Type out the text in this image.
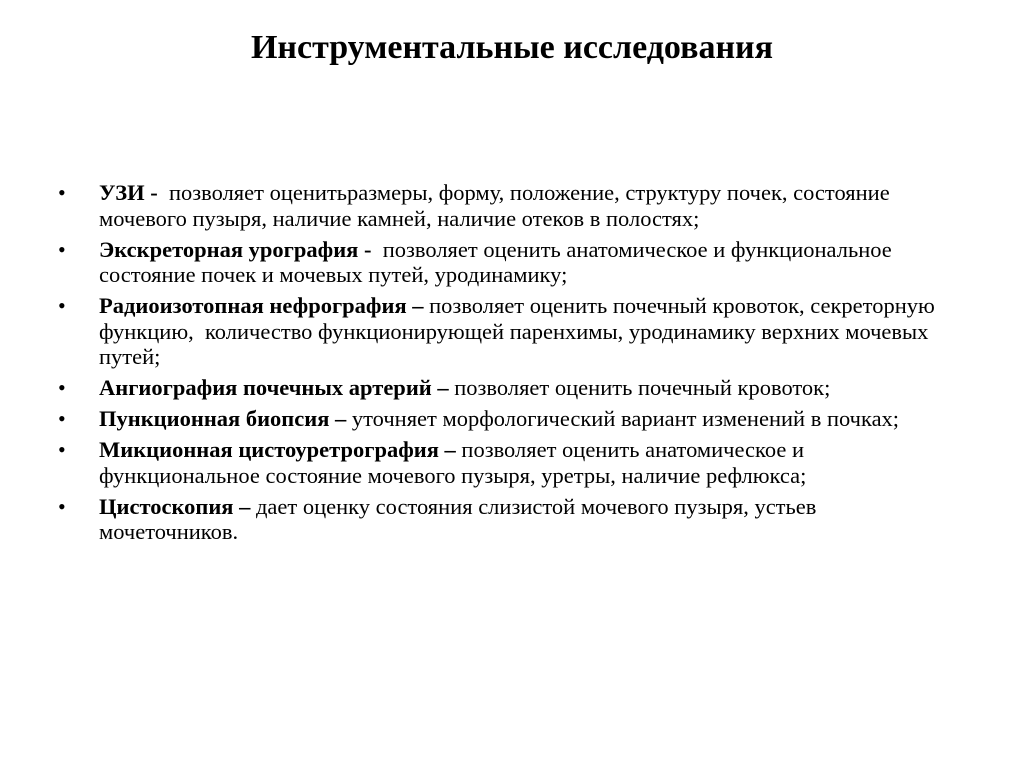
Инструментальные исследования
• УЗИ -  позволяет оценитьразмеры, форму, положение, структуру почек, состояние мочевого пузыря, наличие камней, наличие отеков в полостях;
• Экскреторная урография -  позволяет оценить анатомическое и функциональное состояние почек и мочевых путей, уродинамику;
• Радиоизотопная нефрография – позволяет оценить почечный кровоток, секреторную функцию,  количество функционирующей паренхимы, уродинамику верхних мочевых путей;
• Ангиография почечных артерий – позволяет оценить почечный кровоток;
• Пункционная биопсия – уточняет морфологический вариант изменений в почках;
• Микционная цистоуретрография – позволяет оценить анатомическое и функциональное состояние мочевого пузыря, уретры, наличие рефлюкса;
• Цистоскопия – дает оценку состояния слизистой мочевого пузыря, устьев мочеточников.
